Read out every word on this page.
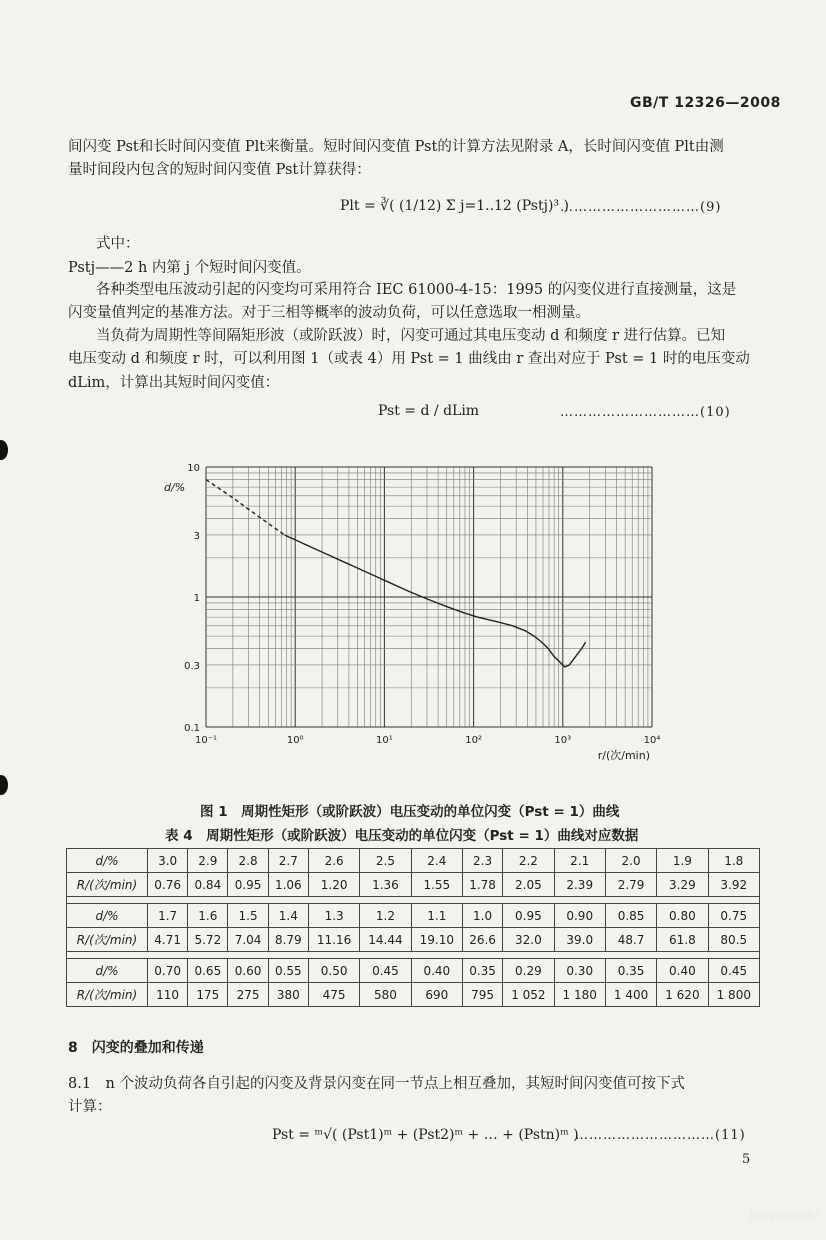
GB/T 12326—2008
间闪变 Pst和长时间闪变值 Plt来衡量。短时间闪变值 Pst的计算方法见附录 A，长时间闪变值 Plt由测
量时间段内包含的短时间闪变值 Pst计算获得：
Plt = ∛( (1/12) Σ j=1..12 (Pstj)³ )
…………………………(9)
式中：
Pstj——2 h 内第 j 个短时间闪变值。
各种类型电压波动引起的闪变均可采用符合 IEC 61000-4-15：1995 的闪变仪进行直接测量，这是
闪变量值判定的基准方法。对于三相等概率的波动负荷，可以任意选取一相测量。
当负荷为周期性等间隔矩形波（或阶跃波）时，闪变可通过其电压变动 d 和频度 r 进行估算。已知
电压变动 d 和频度 r 时，可以利用图 1（或表 4）用 Pst = 1 曲线由 r 查出对应于 Pst = 1 时的电压变动
dLim，计算出其短时间闪变值：
Pst = d / dLim	…………………………(10)
10
3
1
0.3
0.1
10⁻¹	10⁰	10¹	10²	10³	10⁴
d/%
r/(次/min)
图 1　周期性矩形（或阶跃波）电压变动的单位闪变（Pst = 1）曲线
表 4　周期性矩形（或阶跃波）电压变动的单位闪变（Pst = 1）曲线对应数据
d/%	3.0	2.9	2.8	2.7	2.6	2.5	2.4	2.3	2.2	2.1	2.0	1.9	1.8
R/(次/min)	0.76	0.84	0.95	1.06	1.20	1.36	1.55	1.78	2.05	2.39	2.79	3.29	3.92

d/%	1.7	1.6	1.5	1.4	1.3	1.2	1.1	1.0	0.95	0.90	0.85	0.80	0.75
R/(次/min)	4.71	5.72	7.04	8.79	11.16	14.44	19.10	26.6	32.0	39.0	48.7	61.8	80.5

d/%	0.70	0.65	0.60	0.55	0.50	0.45	0.40	0.35	0.29	0.30	0.35	0.40	0.45
R/(次/min)	110	175	275	380	475	580	690	795	1 052	1 180	1 400	1 620	1 800
8　闪变的叠加和传递
8.1　n 个波动负荷各自引起的闪变及背景闪变在同一节点上相互叠加，其短时间闪变值可按下式
计算：
Pst = ᵐ√( (Pst1)ᵐ + (Pst2)ᵐ + … + (Pstn)ᵐ )
…………………………(11)
5
JiangSuDianLi
